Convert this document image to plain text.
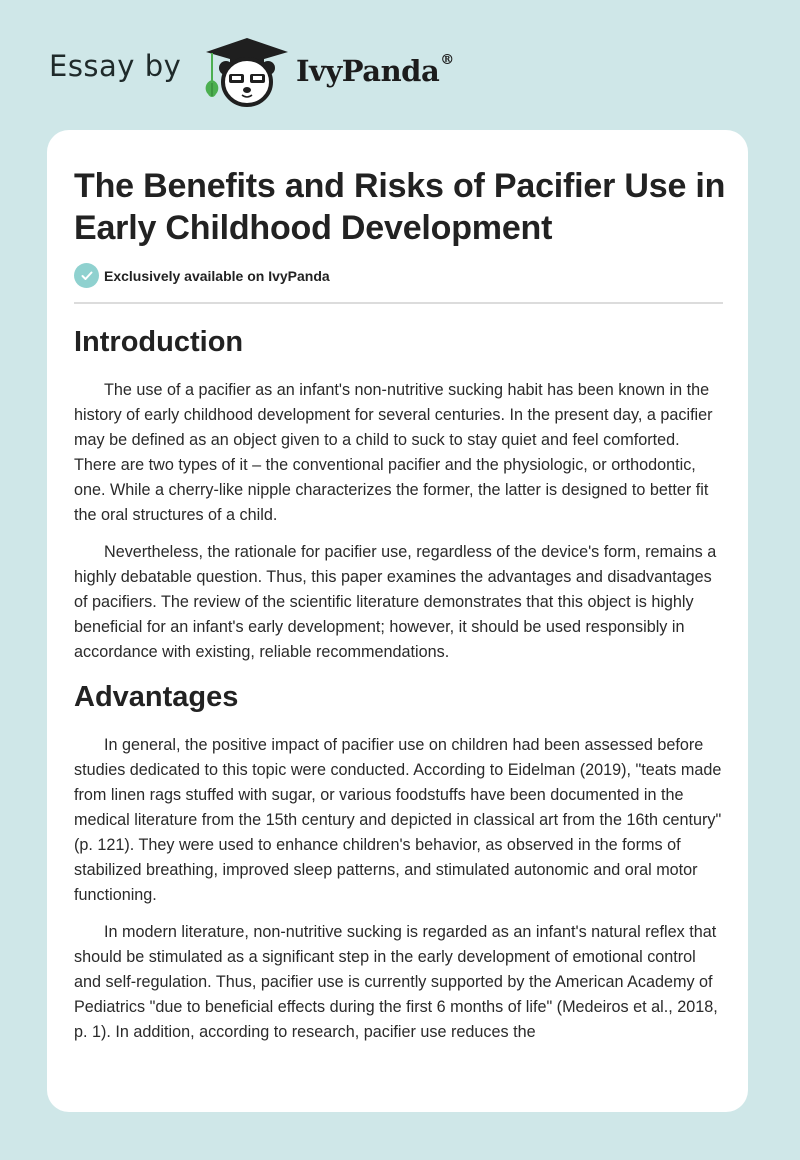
Essay by	IvyPanda®
The Benefits and Risks of Pacifier Use in Early Childhood Development
Exclusively available on IvyPanda
Introduction

The use of a pacifier as an infant's non-nutritive sucking habit has been known in the history of early childhood development for several centuries. In the present day, a pacifier may be defined as an object given to a child to suck to stay quiet and feel comforted. There are two types of it – the conventional pacifier and the physiologic, or orthodontic, one. While a cherry-like nipple characterizes the former, the latter is designed to better fit the oral structures of a child.

Nevertheless, the rationale for pacifier use, regardless of the device's form, remains a highly debatable question. Thus, this paper examines the advantages and disadvantages of pacifiers. The review of the scientific literature demonstrates that this object is highly beneficial for an infant's early development; however, it should be used responsibly in accordance with existing, reliable recommendations.

Advantages

In general, the positive impact of pacifier use on children had been assessed before studies dedicated to this topic were conducted. According to Eidelman (2019), "teats made from linen rags stuffed with sugar, or various foodstuffs have been documented in the medical literature from the 15th century and depicted in classical art from the 16th century" (p. 121). They were used to enhance children's behavior, as observed in the forms of stabilized breathing, improved sleep patterns, and stimulated autonomic and oral motor functioning.

In modern literature, non-nutritive sucking is regarded as an infant's natural reflex that should be stimulated as a significant step in the early development of emotional control and self-regulation. Thus, pacifier use is currently supported by the American Academy of Pediatrics "due to beneficial effects during the first 6 months of life" (Medeiros et al., 2018, p. 1). In addition, according to research, pacifier use reduces the
